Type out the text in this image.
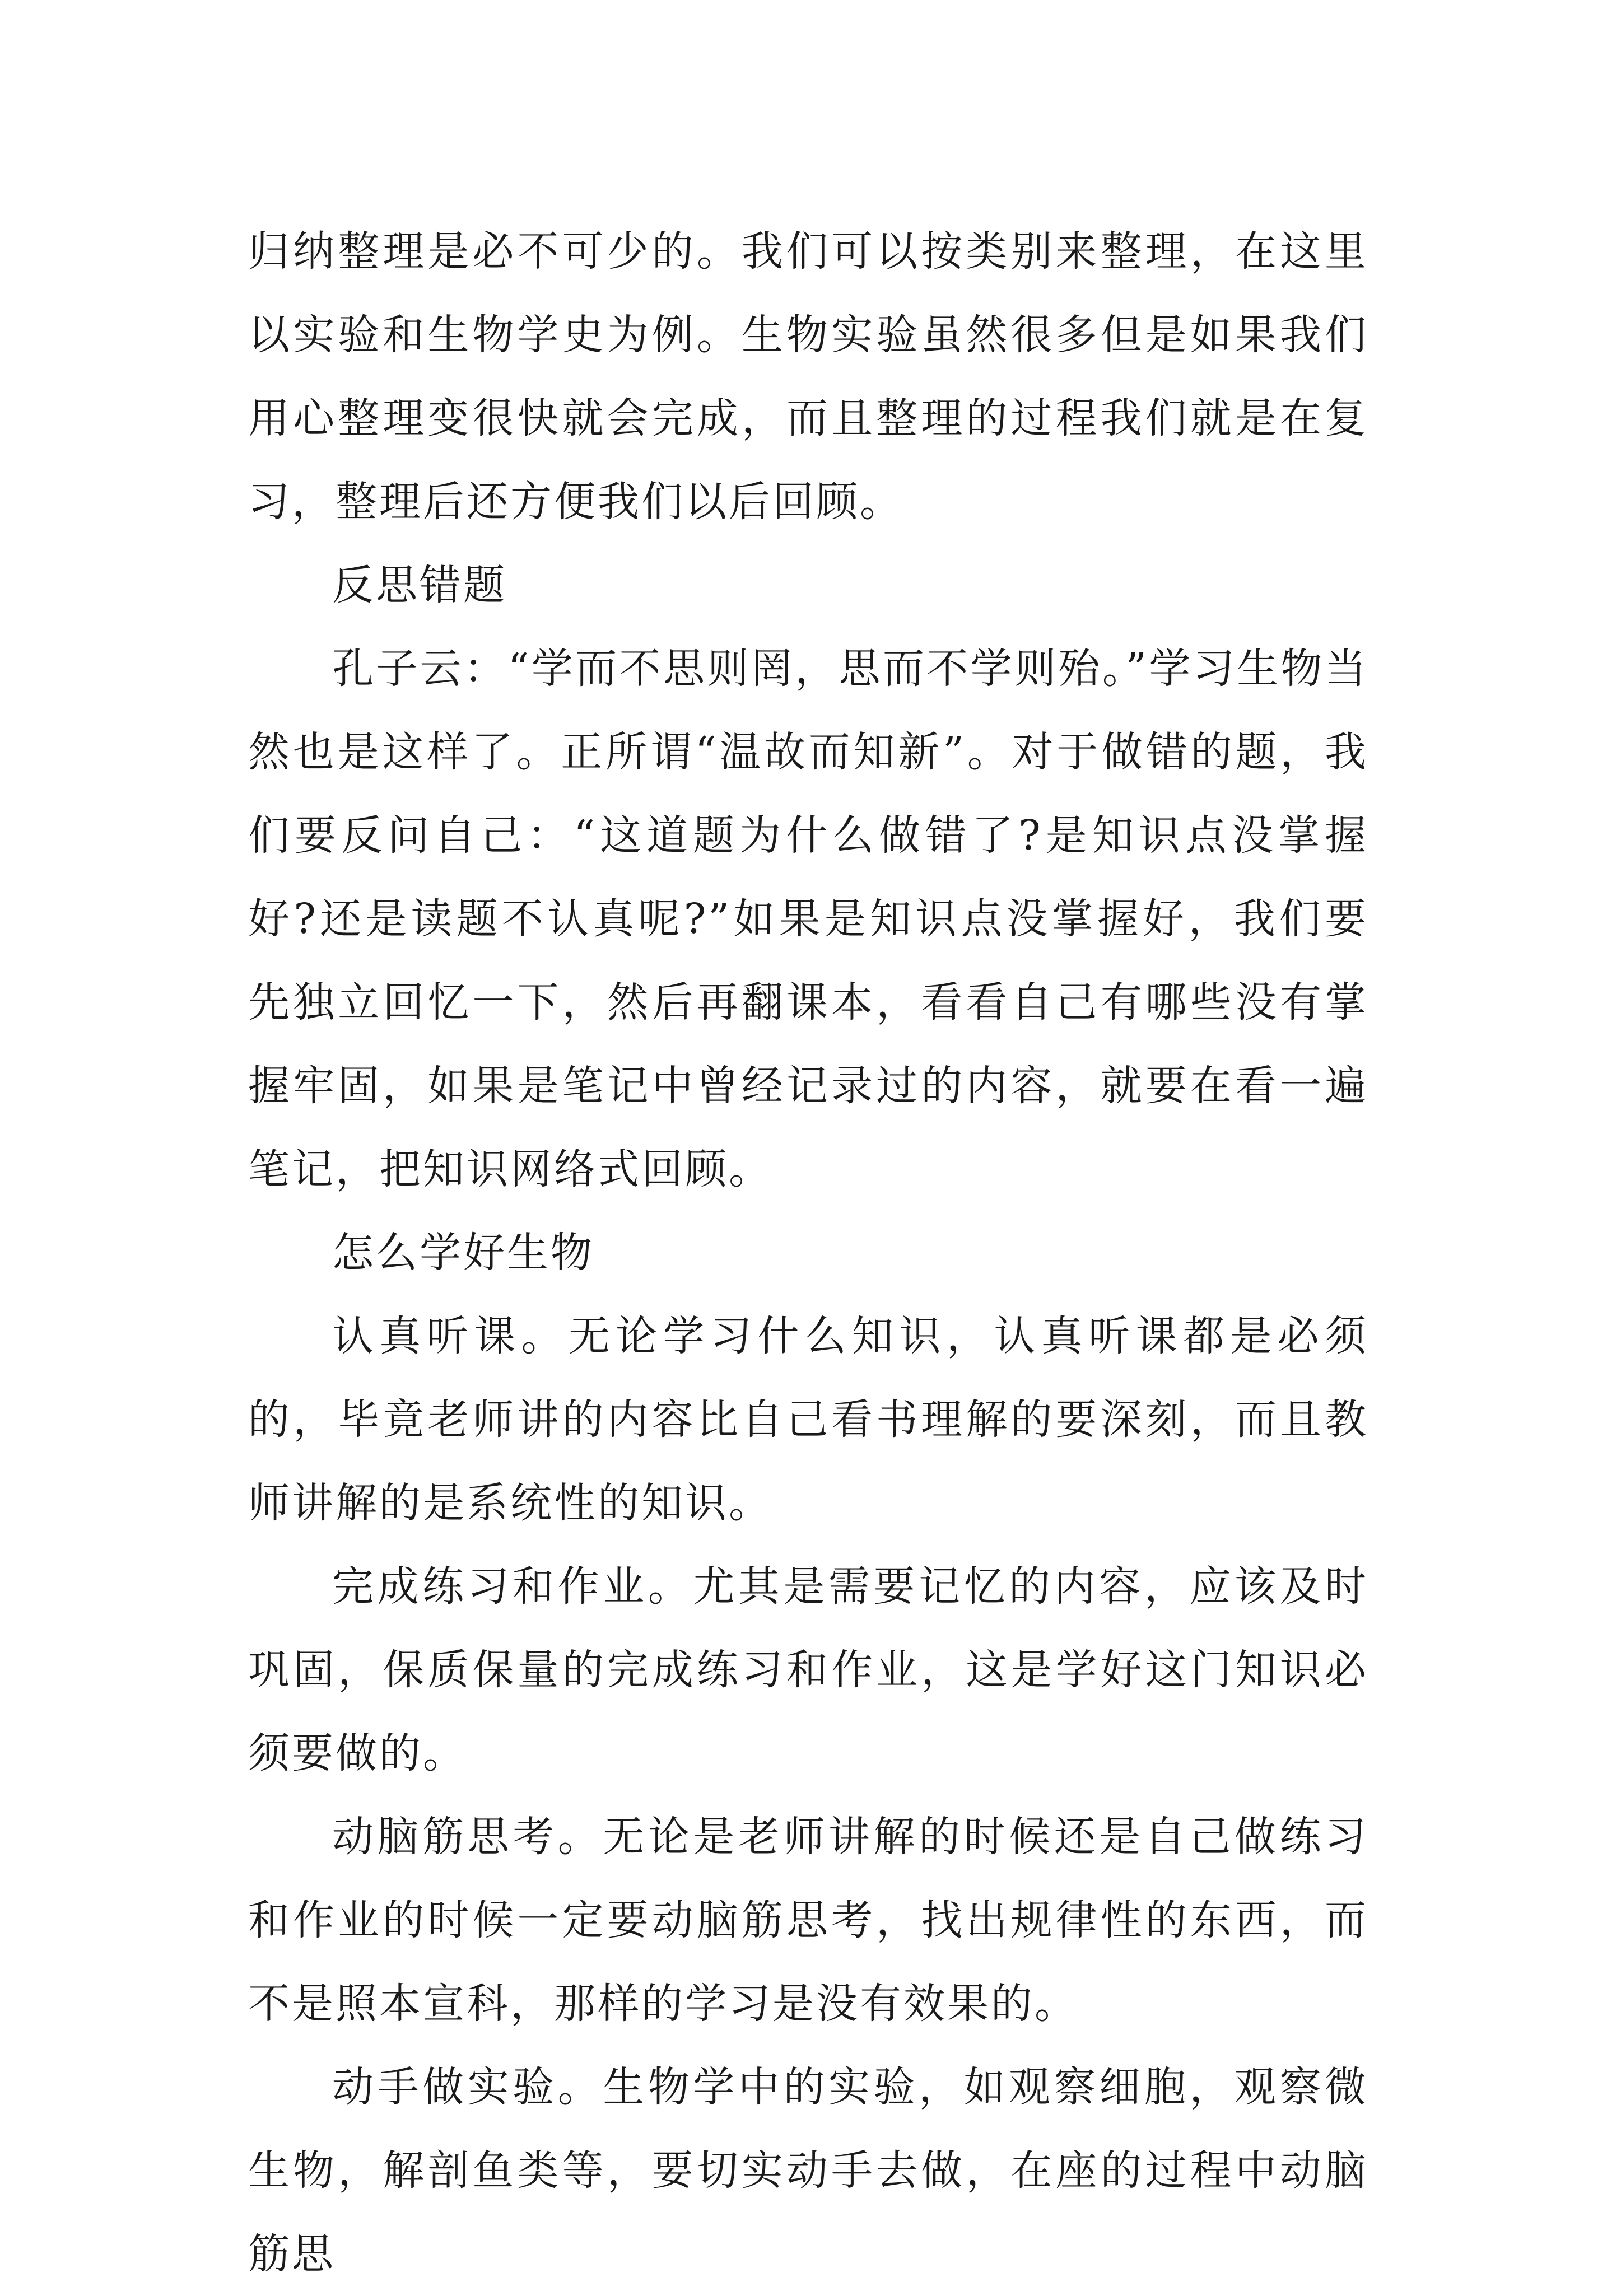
归纳整理是必不可少的。我们可以按类别来整理，在这里以实验和生物学史为例。生物实验虽然很多但是如果我们用心整理变很快就会完成，而且整理的过程我们就是在复习，整理后还方便我们以后回顾。

反思错题

孔子云：“学而不思则罔，思而不学则殆。”学习生物当然也是这样了。正所谓“温故而知新”。对于做错的题，我们要反问自己：“这道题为什么做错了?是知识点没掌握好?还是读题不认真呢?”如果是知识点没掌握好，我们要先独立回忆一下，然后再翻课本，看看自己有哪些没有掌握牢固，如果是笔记中曾经记录过的内容，就要在看一遍笔记，把知识网络式回顾。

怎么学好生物

认真听课。无论学习什么知识，认真听课都是必须的，毕竟老师讲的内容比自己看书理解的要深刻，而且教师讲解的是系统性的知识。

完成练习和作业。尤其是需要记忆的内容，应该及时巩固，保质保量的完成练习和作业，这是学好这门知识必须要做的。

动脑筋思考。无论是老师讲解的时候还是自己做练习和作业的时候一定要动脑筋思考，找出规律性的东西，而不是照本宣科，那样的学习是没有效果的。

动手做实验。生物学中的实验，如观察细胞，观察微生物，解剖鱼类等，要切实动手去做，在座的过程中动脑筋思
